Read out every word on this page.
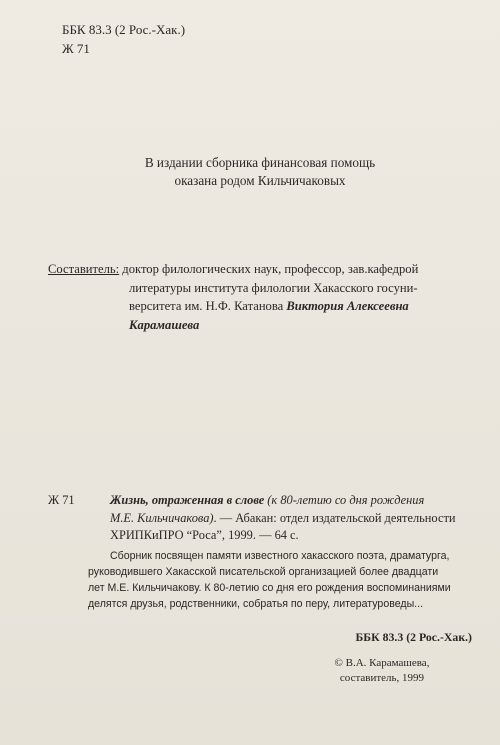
ББК 83.3 (2 Рос.-Хак.)
Ж 71
В издании сборника финансовая помощь
оказана родом Кильчичаковых
Составитель: доктор филологических наук, профессор, зав.кафедрой
литературы института филологии Хакасского госуни-
верситета им. Н.Ф. Катанова Виктория Алексеевна
Карамашева
Ж 71	Жизнь, отраженная в слове (к 80-летию со дня рождения
М.Е. Кильчичакова). — Абакан: отдел издательской деятельности
ХРИПКиПРО “Роса”, 1999. — 64 с.
Сборник посвящен памяти известного хакасского поэта, драматурга,
руководившего Хакасской писательской организацией более двадцати
лет М.Е. Кильчичакову. К 80-летию со дня его рождения воспоминаниями
делятся друзья, родственники, собратья по перу, литературоведы...
ББК 83.3 (2 Рос.-Хак.)
© В.А. Карамашева,
составитель, 1999
